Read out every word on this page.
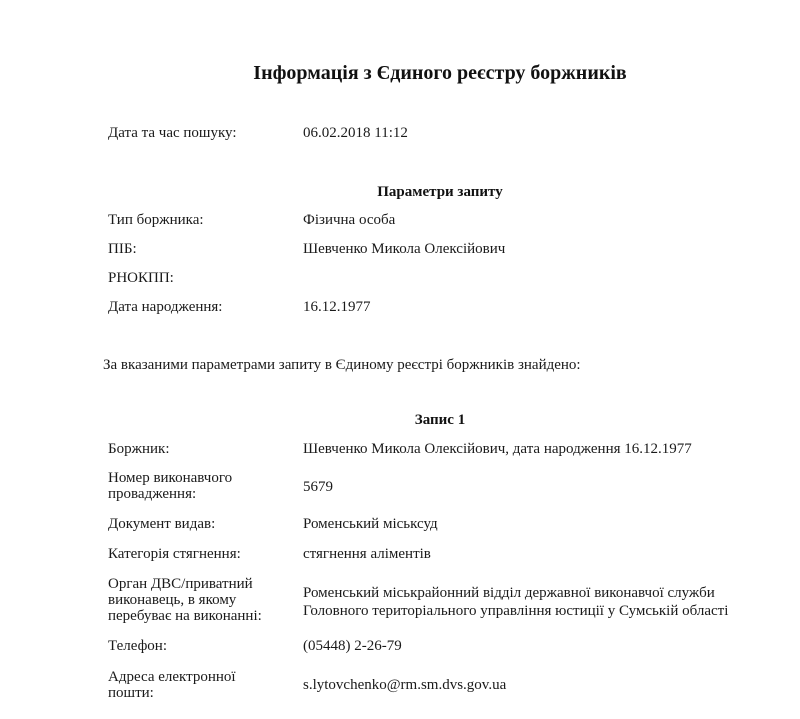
Інформація з Єдиного реєстру боржників
Дата та час пошуку:	06.02.2018 11:12
Параметри запиту
Тип боржника:	Фізична особа
ПІБ:	Шевченко Микола Олексійович
РНОКПП:
Дата народження:	16.12.1977
За вказаними параметрами запиту в Єдиному реєстрі боржників знайдено:
Запис 1
Боржник:	Шевченко Микола Олексійович, дата народження 16.12.1977
Номер виконавчого
провадження:	5679
Документ видав:	Роменський міськсуд
Категорія стягнення:	стягнення аліментів
Орган ДВС/приватний
виконавець, в якому
перебуває на виконанні:
Роменський міськрайонний відділ державної виконавчої служби
Головного територіального управління юстиції у Сумській області
Телефон:	(05448) 2-26-79
Адреса електронної
пошти:	s.lytovchenko@rm.sm.dvs.gov.ua
